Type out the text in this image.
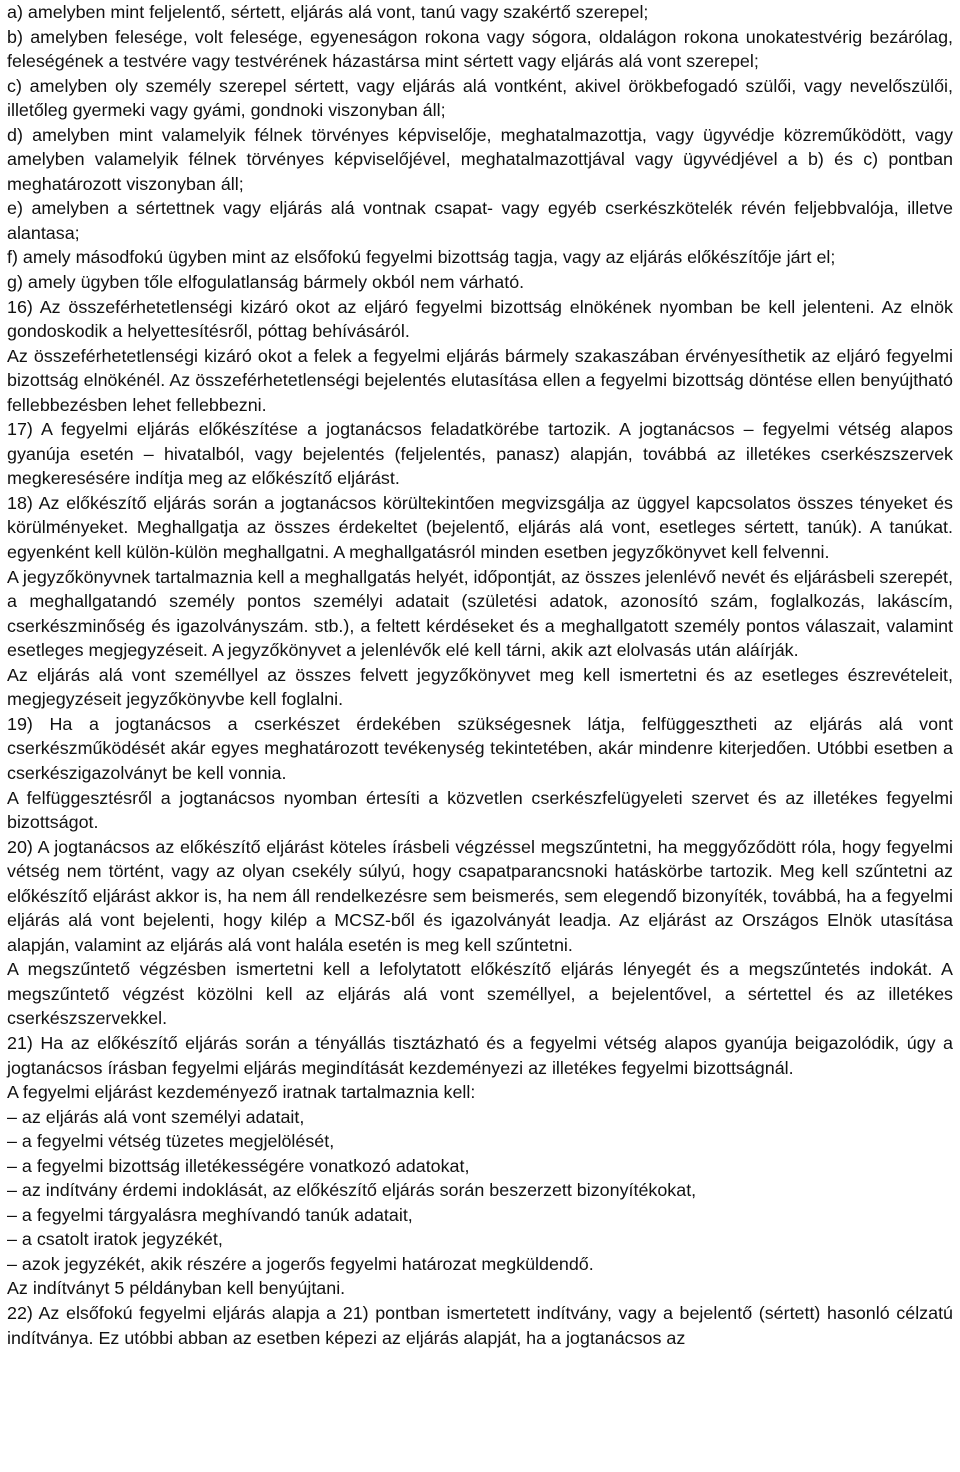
a) amelyben mint feljelentő, sértett, eljárás alá vont, tanú vagy szakértő szerepel;

b) amelyben felesége, volt felesége, egyeneságon rokona vagy sógora, oldalágon rokona unokatestvérig bezárólag, feleségének a testvére vagy testvérének házastársa mint sértett vagy eljárás alá vont szerepel;

c) amelyben oly személy szerepel sértett, vagy eljárás alá vontként, akivel örökbefogadó szülői, vagy nevelőszülői, illetőleg gyermeki vagy gyámi, gondnoki viszonyban áll;

d) amelyben mint valamelyik félnek törvényes képviselője, meghatalmazottja, vagy ügyvédje közreműködött, vagy amelyben valamelyik félnek törvényes képviselőjével, meghatalmazottjával vagy ügyvédjével a b) és c) pontban meghatározott viszonyban áll;

e) amelyben a sértettnek vagy eljárás alá vontnak csapat- vagy egyéb cserkészkötelék révén feljebbvalója, illetve alantasa;

f) amely másodfokú ügyben mint az elsőfokú fegyelmi bizottság tagja, vagy az eljárás előkészítője járt el;

g) amely ügyben tőle elfogulatlanság bármely okból nem várható.

16) Az összeférhetetlenségi kizáró okot az eljáró fegyelmi bizottság elnökének nyomban be kell jelenteni. Az elnök gondoskodik a helyettesítésről, póttag behívásáról.

Az összeférhetetlenségi kizáró okot a felek a fegyelmi eljárás bármely szakaszában érvényesíthetik az eljáró fegyelmi bizottság elnökénél. Az összeférhetetlenségi bejelentés elutasítása ellen a fegyelmi bizottság döntése ellen benyújtható fellebbezésben lehet fellebbezni.

17) A fegyelmi eljárás előkészítése a jogtanácsos feladatkörébe tartozik. A jogtanácsos – fegyelmi vétség alapos gyanúja esetén – hivatalból, vagy bejelentés (feljelentés, panasz) alapján, továbbá az illetékes cserkészszervek megkeresésére indítja meg az előkészítő eljárást.

18) Az előkészítő eljárás során a jogtanácsos körültekintően megvizsgálja az üggyel kapcsolatos összes tényeket és körülményeket. Meghallgatja az összes érdekeltet (bejelentő, eljárás alá vont, esetleges sértett, tanúk). A tanúkat. egyenként kell külön-külön meghallgatni. A meghallgatásról minden esetben jegyzőkönyvet kell felvenni.

A jegyzőkönyvnek tartalmaznia kell a meghallgatás helyét, időpontját, az összes jelenlévő nevét és eljárásbeli szerepét, a meghallgatandó személy pontos személyi adatait (születési adatok, azonosító szám, foglalkozás, lakáscím, cserkészminőség és igazolványszám. stb.), a feltett kérdéseket és a meghallgatott személy pontos válaszait, valamint esetleges megjegyzéseit. A jegyzőkönyvet a jelenlévők elé kell tárni, akik azt elolvasás után aláírják.

Az eljárás alá vont személlyel az összes felvett jegyzőkönyvet meg kell ismertetni és az esetleges észrevételeit, megjegyzéseit jegyzőkönyvbe kell foglalni.

19) Ha a jogtanácsos a cserkészet érdekében szükségesnek látja, felfüggesztheti az eljárás alá vont cserkészműködését akár egyes meghatározott tevékenység tekintetében, akár mindenre kiterjedően. Utóbbi esetben a cserkészigazolványt be kell vonnia.

A felfüggesztésről a jogtanácsos nyomban értesíti a közvetlen cserkészfelügyeleti szervet és az illetékes fegyelmi bizottságot.

20) A jogtanácsos az előkészítő eljárást köteles írásbeli végzéssel megszűntetni, ha meggyőződött róla, hogy fegyelmi vétség nem történt, vagy az olyan csekély súlyú, hogy csapatparancsnoki hatáskörbe tartozik. Meg kell szűntetni az előkészítő eljárást akkor is, ha nem áll rendelkezésre sem beismerés, sem elegendő bizonyíték, továbbá, ha a fegyelmi eljárás alá vont bejelenti, hogy kilép a MCSZ-ből és igazolványát leadja. Az eljárást az Országos Elnök utasítása alapján, valamint az eljárás alá vont halála esetén is meg kell szűntetni.

A megszűntető végzésben ismertetni kell a lefolytatott előkészítő eljárás lényegét és a megszűntetés indokát. A megszűntető végzést közölni kell az eljárás alá vont személlyel, a bejelentővel, a sértettel és az illetékes cserkészszervekkel.

21) Ha az előkészítő eljárás során a tényállás tisztázható és a fegyelmi vétség alapos gyanúja beigazolódik, úgy a jogtanácsos írásban fegyelmi eljárás megindítását kezdeményezi az illetékes fegyelmi bizottságnál.

A fegyelmi eljárást kezdeményező iratnak tartalmaznia kell:

– az eljárás alá vont személyi adatait,

– a fegyelmi vétség tüzetes megjelölését,

– a fegyelmi bizottság illetékességére vonatkozó adatokat,

– az indítvány érdemi indoklását, az előkészítő eljárás során beszerzett bizonyítékokat,

– a fegyelmi tárgyalásra meghívandó tanúk adatait,

– a csatolt iratok jegyzékét,

– azok jegyzékét, akik részére a jogerős fegyelmi határozat megküldendő.

Az indítványt 5 példányban kell benyújtani.

22) Az elsőfokú fegyelmi eljárás alapja a 21) pontban ismertetett indítvány, vagy a bejelentő (sértett) hasonló célzatú indítványa. Ez utóbbi abban az esetben képezi az eljárás alapját, ha a jogtanácsos az
